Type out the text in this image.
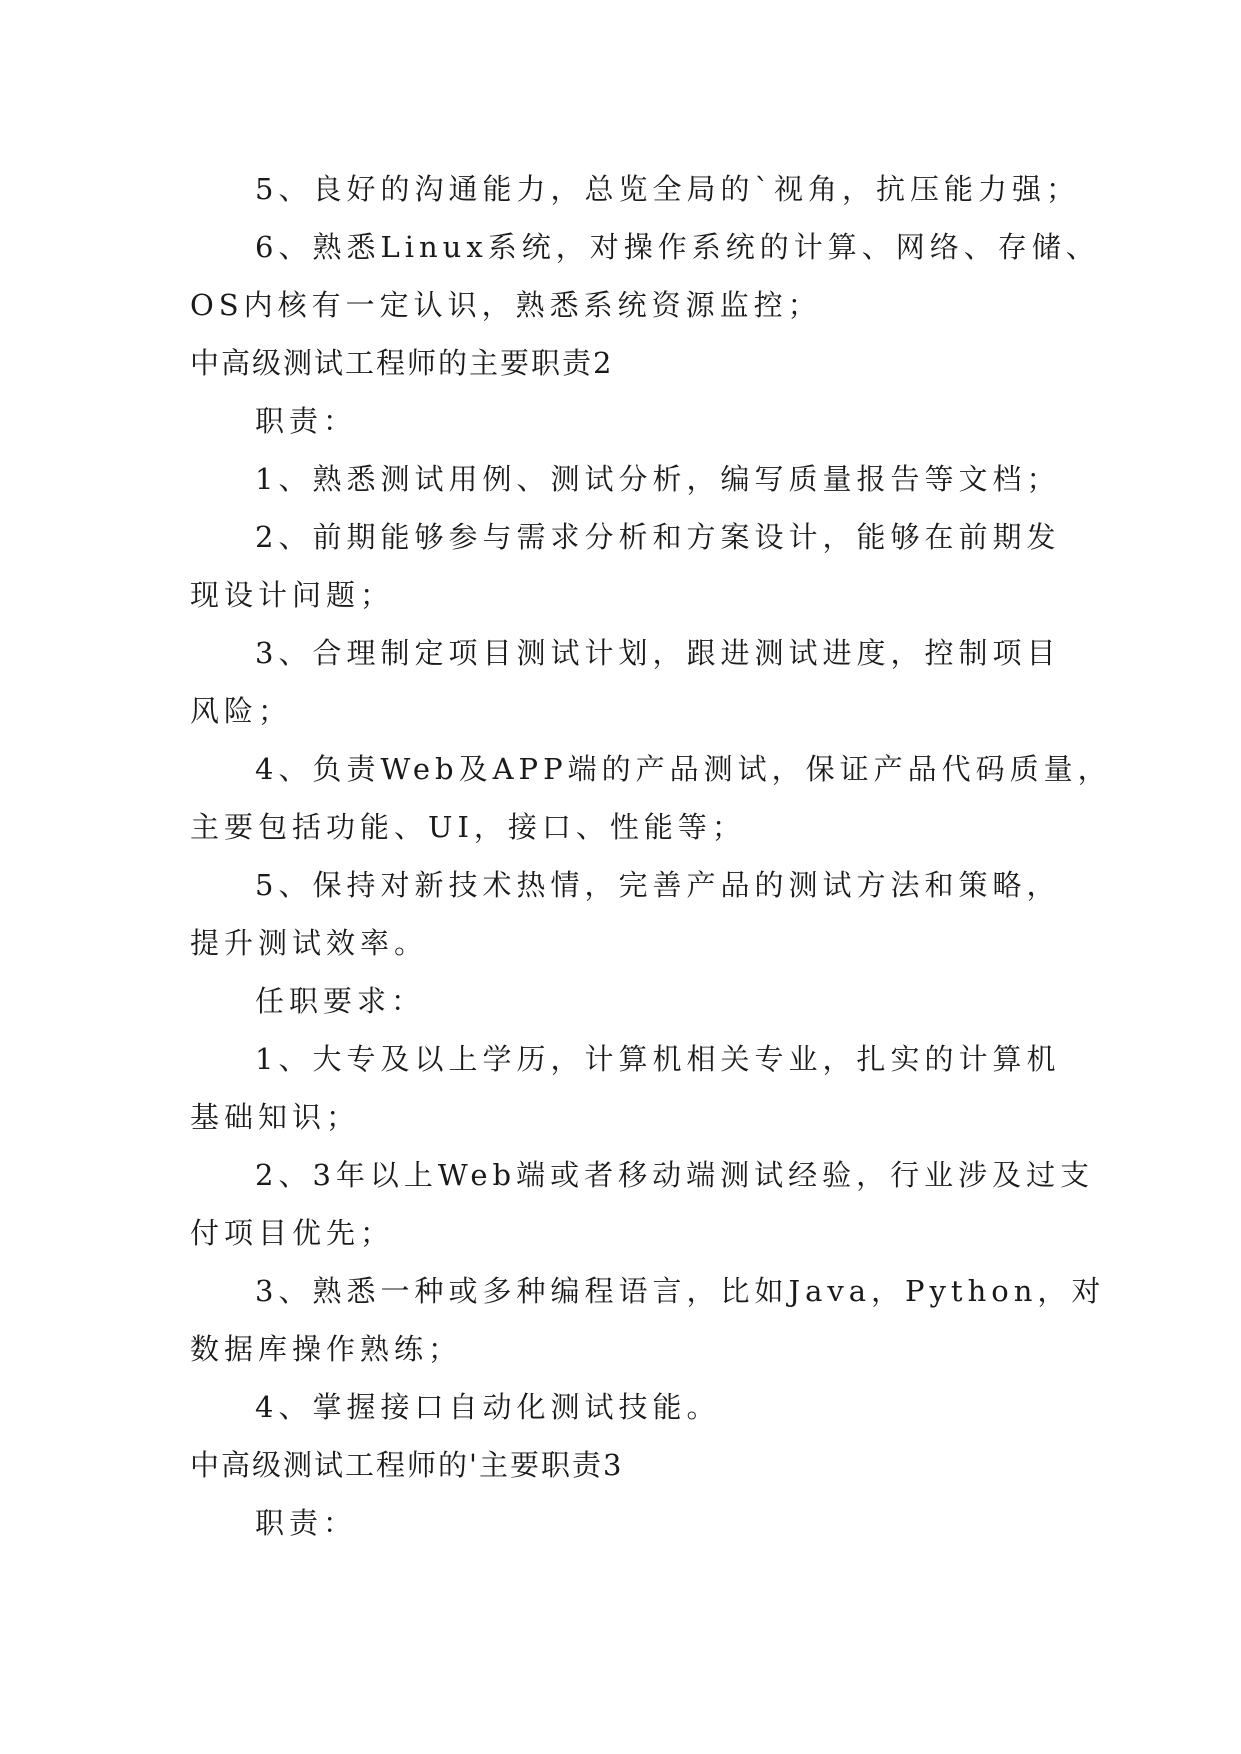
5、良好的沟通能力，总览全局的`视角，抗压能力强；
6、熟悉Linux系统，对操作系统的计算、网络、存储、
OS内核有一定认识，熟悉系统资源监控；
中高级测试工程师的主要职责2
职责：
1、熟悉测试用例、测试分析，编写质量报告等文档；
2、前期能够参与需求分析和方案设计，能够在前期发
现设计问题；
3、合理制定项目测试计划，跟进测试进度，控制项目
风险；
4、负责Web及APP端的产品测试，保证产品代码质量，
主要包括功能、UI，接口、性能等；
5、保持对新技术热情，完善产品的测试方法和策略，
提升测试效率。
任职要求：
1、大专及以上学历，计算机相关专业，扎实的计算机
基础知识；
2、3年以上Web端或者移动端测试经验，行业涉及过支
付项目优先；
3、熟悉一种或多种编程语言，比如Java，Python，对
数据库操作熟练；
4、掌握接口自动化测试技能。
中高级测试工程师的'主要职责3
职责：
